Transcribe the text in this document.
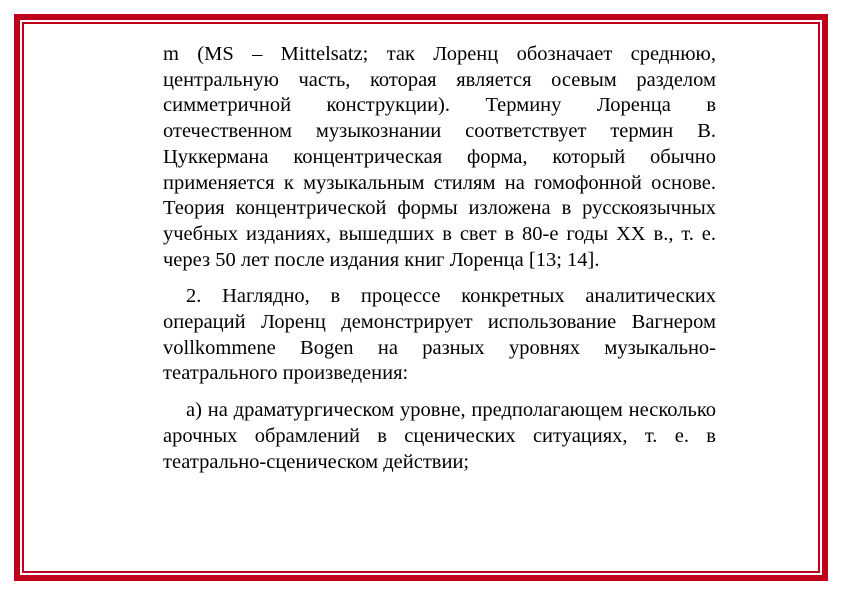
m (MS – Mittelsatz; так Лоренц обозначает среднюю, центральную часть, которая является осевым разделом симметричной конструкции). Термину Лоренца в отечественном музыкознании соответствует термин В. Цуккермана концентрическая форма, который обычно применяется к музыкальным стилям на гомофонной основе. Теория концентрической формы изложена в русскоязычных учебных изданиях, вышедших в свет в 80-е годы XX в., т. е. через 50 лет после издания книг Лоренца [13; 14].

2. Наглядно, в процессе конкретных аналитических операций Лоренц демонстрирует использование Вагнером vollkommene Bogen на разных уровнях музыкально-театрального произведения:

а) на драматургическом уровне, предполагающем несколько арочных обрамлений в сценических ситуациях, т. е. в театрально-сценическом действии;
